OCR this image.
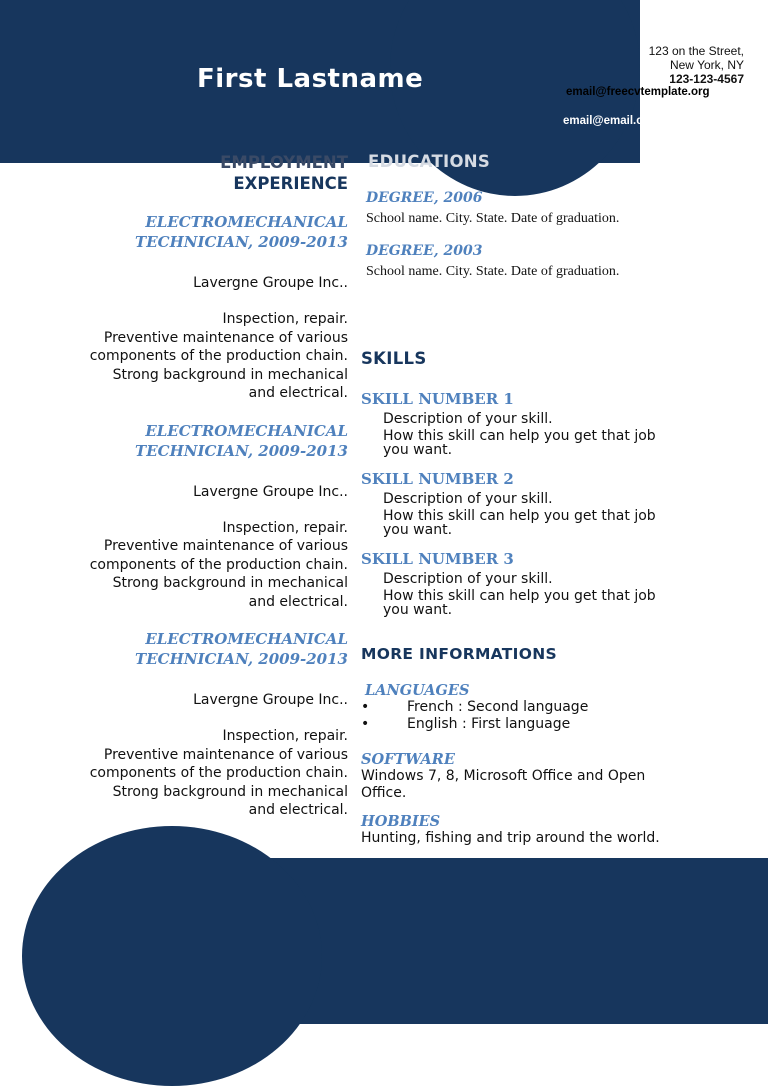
First Lastname
123 on the Street,
New York, NY
123-123-4567
email@freecvtemplate.org
email@email.com
EMPLOYMENT
EXPERIENCE
ELECTROMECHANICAL
TECHNICIAN, 2009-2013
Lavergne Groupe Inc..
Inspection, repair.
Preventive maintenance of various
components of the production chain.
Strong background in mechanical
and electrical.
ELECTROMECHANICAL
TECHNICIAN, 2009-2013
Lavergne Groupe Inc..
Inspection, repair.
Preventive maintenance of various
components of the production chain.
Strong background in mechanical
and electrical.
ELECTROMECHANICAL
TECHNICIAN, 2009-2013
Lavergne Groupe Inc..
Inspection, repair.
Preventive maintenance of various
components of the production chain.
Strong background in mechanical
and electrical.
EDUCATIONS
DEGREE, 2006
School name. City. State. Date of graduation.
DEGREE, 2003
School name. City. State. Date of graduation.
SKILLS
SKILL NUMBER 1
Description of your skill.
How this skill can help you get that job
you want.
SKILL NUMBER 2
Description of your skill.
How this skill can help you get that job
you want.
SKILL NUMBER 3
Description of your skill.
How this skill can help you get that job
you want.
MORE INFORMATIONS
LANGUAGES
•	French : Second language
•	English : First language
SOFTWARE
Windows 7, 8, Microsoft Office and Open
Office.
HOBBIES
Hunting, fishing and trip around the world.
